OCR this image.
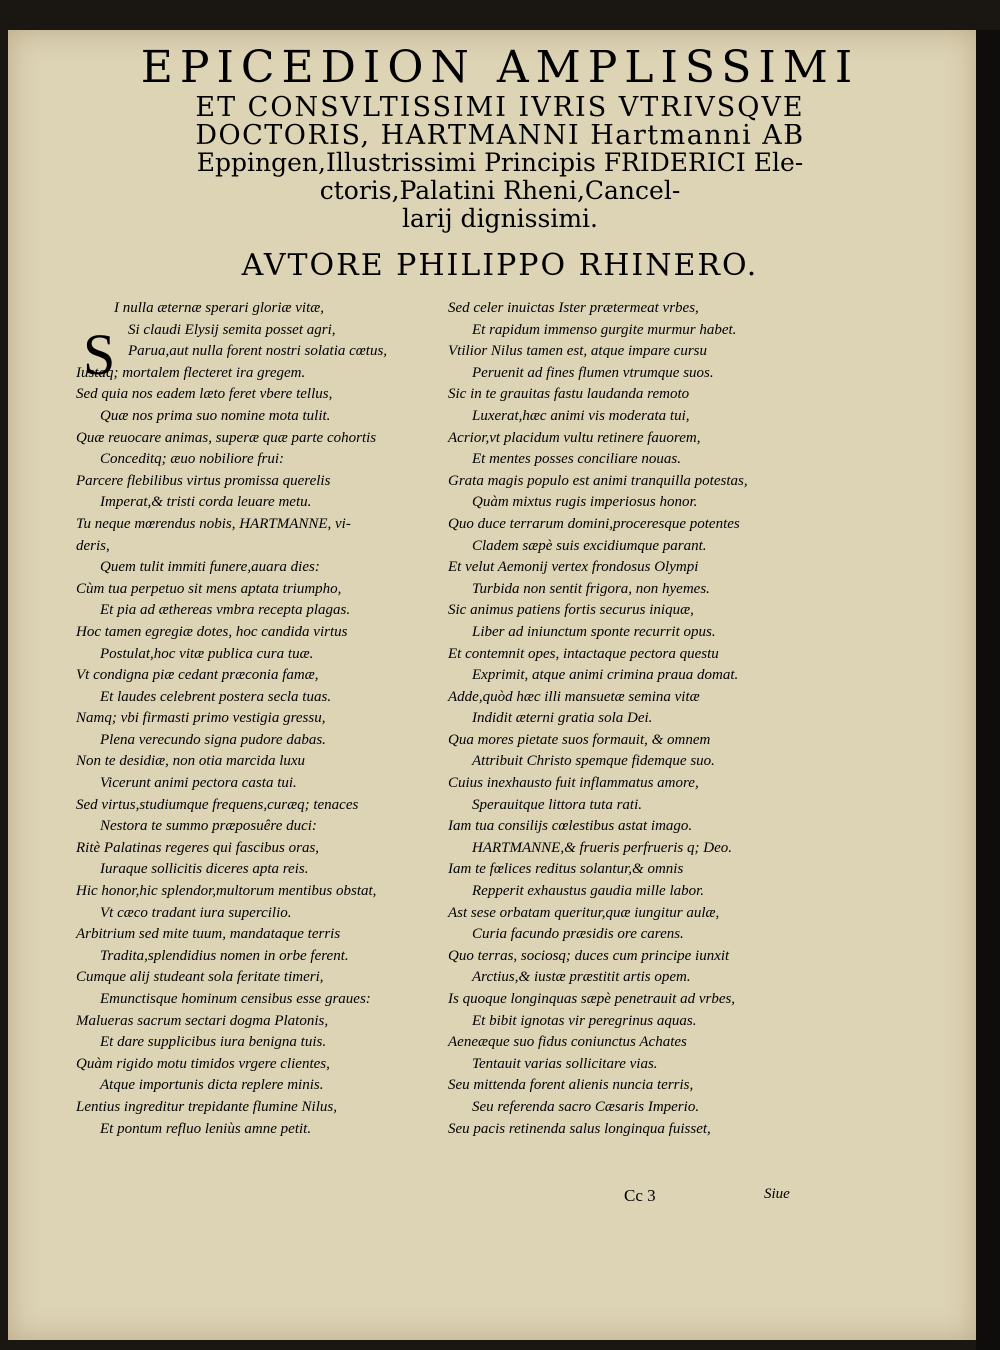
EPICEDION AMPLISSIMI
ET CONSVLTISSIMI IVRIS VTRIVSQVE
DOCTORIS, HARTMANNI Hartmanni AB
Eppingen,Illustrissimi Principis FRIDERICI Ele-
ctoris,Palatini Rheni,Cancel-
larij dignissimi.
AVTORE PHILIPPO RHINERO.
S
I nulla æternæ sperari gloriæ vitæ,
Si claudi Elysij semita posset agri,
Parua,aut nulla forent nostri solatia cœtus,
Iustaq; mortalem flecteret ira gregem.
Sed quia nos eadem læto feret vbere tellus,
Quæ nos prima suo nomine mota tulit.
Quæ reuocare animas, superæ quæ parte cohortis
Conceditq; æuo nobiliore frui:
Parcere flebilibus virtus promissa querelis
Imperat,& tristi corda leuare metu.
Tu neque mœrendus nobis, HARTMANNE, vi-
deris,
Quem tulit immiti funere,auara dies:
Cùm tua perpetuo sit mens aptata triumpho,
Et pia ad æthereas vmbra recepta plagas.
Hoc tamen egregiæ dotes, hoc candida virtus
Postulat,hoc vitæ publica cura tuæ.
Vt condigna piæ cedant præconia famæ,
Et laudes celebrent postera secla tuas.
Namq; vbi firmasti primo vestigia gressu,
Plena verecundo signa pudore dabas.
Non te desidiæ, non otia marcida luxu
Vicerunt animi pectora casta tui.
Sed virtus,studiumque frequens,curæq; tenaces
Nestora te summo præposuêre duci:
Ritè Palatinas regeres qui fascibus oras,
Iuraque sollicitis diceres apta reis.
Hic honor,hic splendor,multorum mentibus obstat,
Vt cæco tradant iura supercilio.
Arbitrium sed mite tuum, mandataque terris
Tradita,splendidius nomen in orbe ferent.
Cumque alij studeant sola feritate timeri,
Emunctisque hominum censibus esse graues:
Malueras sacrum sectari dogma Platonis,
Et dare supplicibus iura benigna tuis.
Quàm rigido motu timidos vrgere clientes,
Atque importunis dicta replere minis.
Lentius ingreditur trepidante flumine Nilus,
Et pontum refluo leniùs amne petit.
Sed celer inuictas Ister prætermeat vrbes,
Et rapidum immenso gurgite murmur habet.
Vtilior Nilus tamen est, atque impare cursu
Peruenit ad fines flumen vtrumque suos.
Sic in te grauitas fastu laudanda remoto
Luxerat,hæc animi vis moderata tui,
Acrior,vt placidum vultu retinere fauorem,
Et mentes posses conciliare nouas.
Grata magis populo est animi tranquilla potestas,
Quàm mixtus rugis imperiosus honor.
Quo duce terrarum domini,proceresque potentes
Cladem sæpè suis excidiumque parant.
Et velut Aemonij vertex frondosus Olympi
Turbida non sentit frigora, non hyemes.
Sic animus patiens fortis securus iniquæ,
Liber ad iniunctum sponte recurrit opus.
Et contemnit opes, intactaque pectora questu
Exprimit, atque animi crimina praua domat.
Adde,quòd hæc illi mansuetæ semina vitæ
Indidit æterni gratia sola Dei.
Qua mores pietate suos formauit, & omnem
Attribuit Christo spemque fidemque suo.
Cuius inexhausto fuit inflammatus amore,
Sperauitque littora tuta rati.
Iam tua consilijs cœlestibus astat imago.
HARTMANNE,& frueris perfrueris q; Deo.
Iam te fœlices reditus solantur,& omnis
Repperit exhaustus gaudia mille labor.
Ast sese orbatam queritur,quæ iungitur aulæ,
Curia facundo præsidis ore carens.
Quo terras, sociosq; duces cum principe iunxit
Arctius,& iustæ præstitit artis opem.
Is quoque longinquas sæpè penetrauit ad vrbes,
Et bibit ignotas vir peregrinus aquas.
Aeneæque suo fidus coniunctus Achates
Tentauit varias sollicitare vias.
Seu mittenda forent alienis nuncia terris,
Seu referenda sacro Cæsaris Imperio.
Seu pacis retinenda salus longinqua fuisset,
Cc 3	Siue
